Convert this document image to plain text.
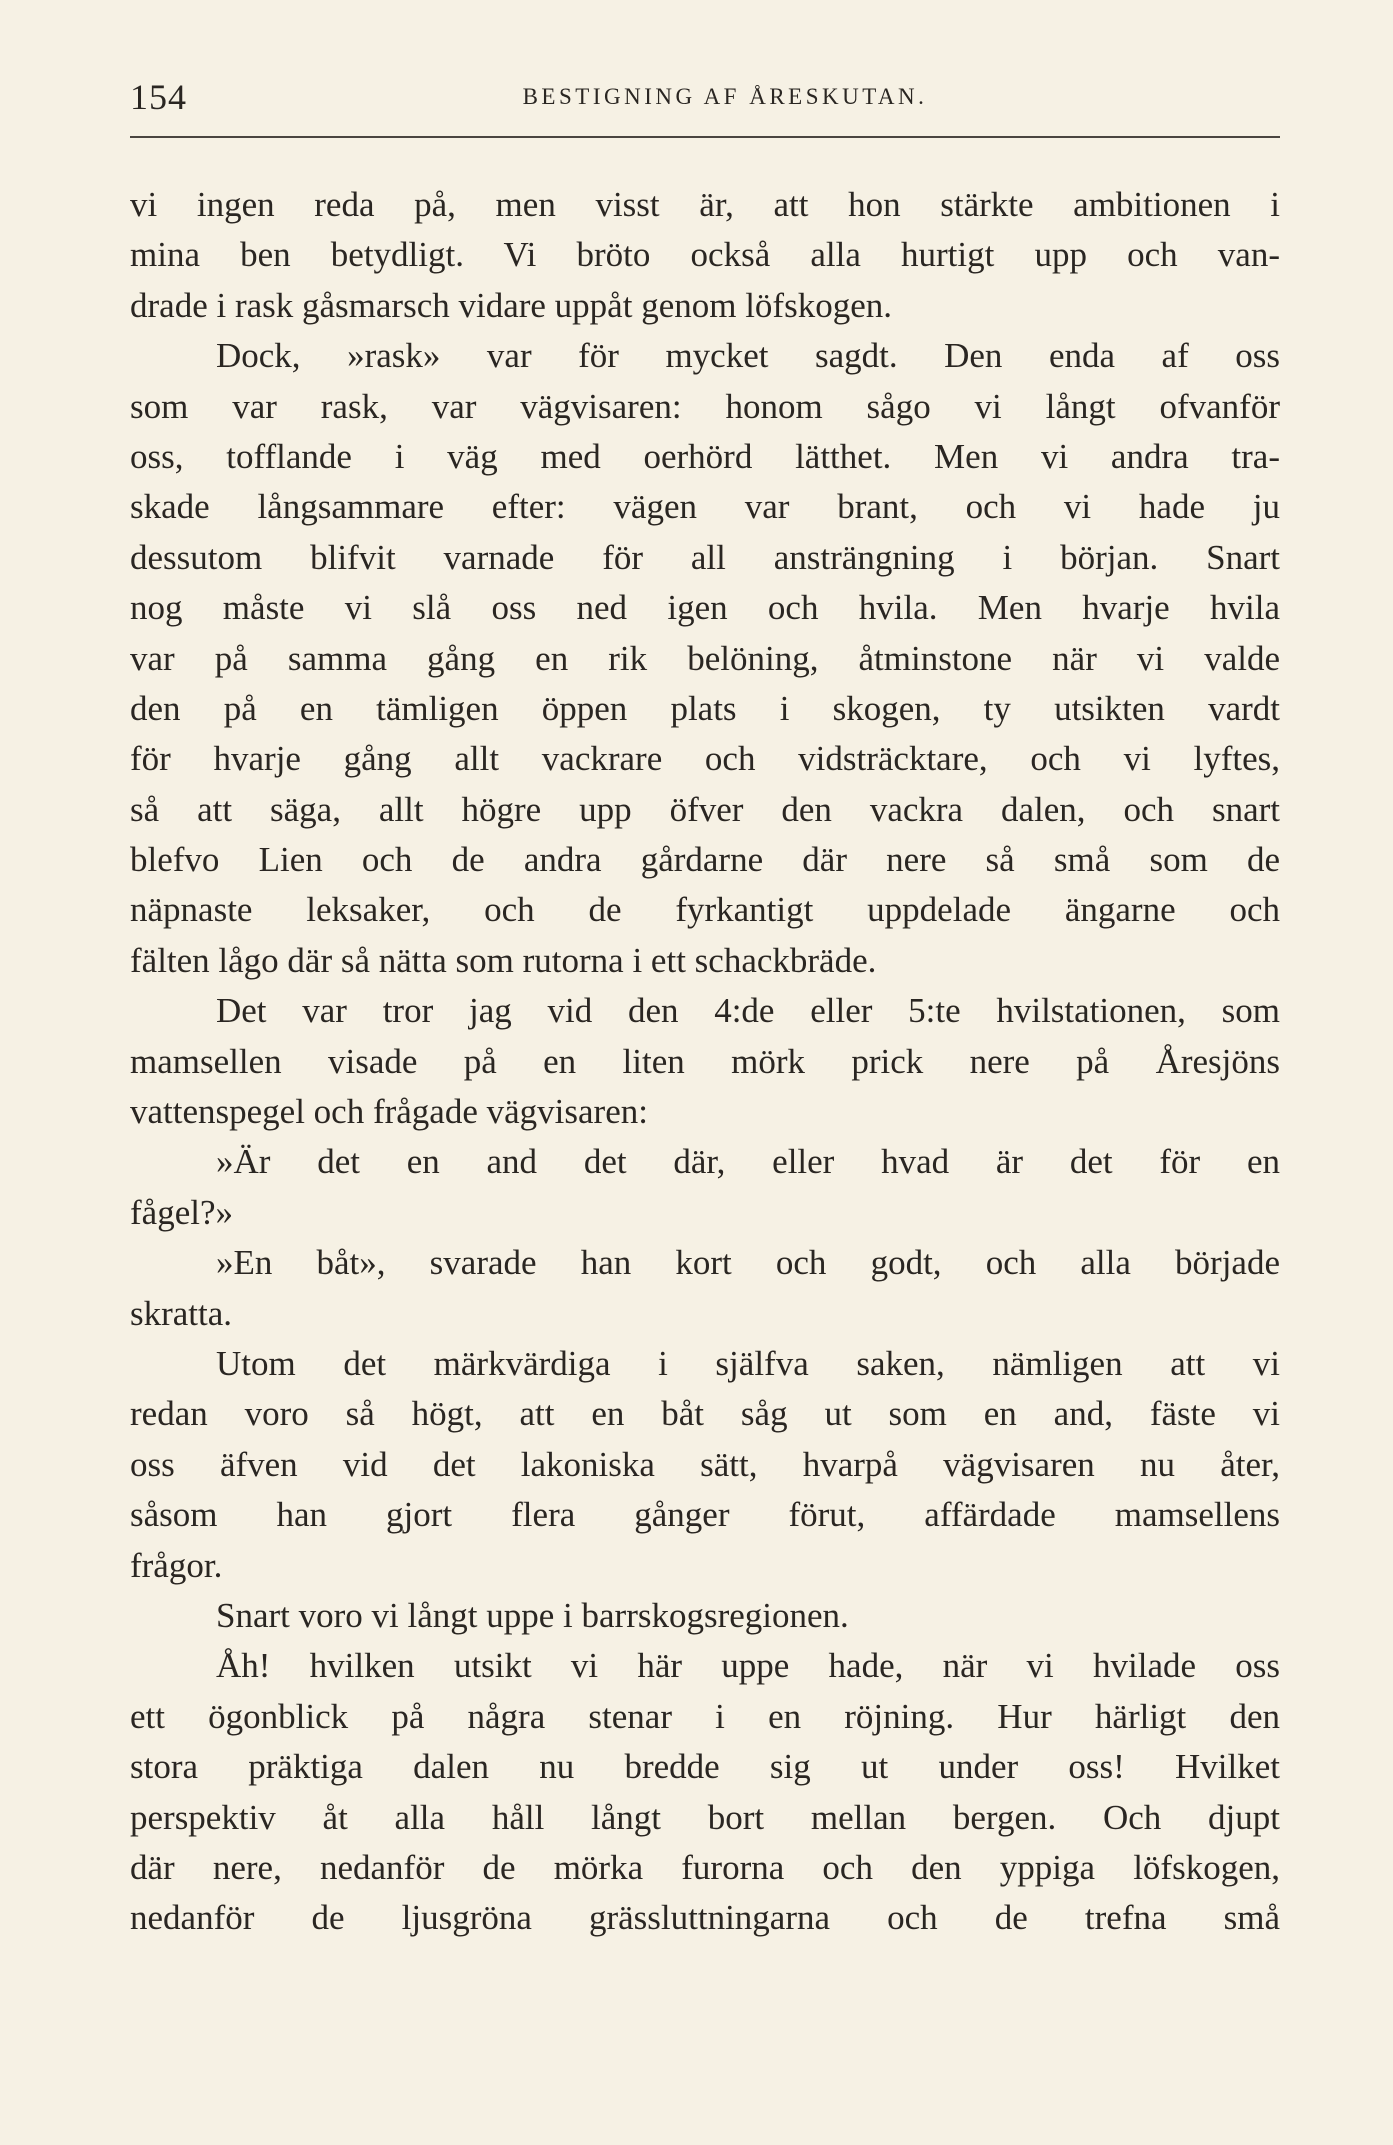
154	BESTIGNING AF ÅRESKUTAN.
vi ingen reda på, men visst är, att hon stärkte ambitionen i
mina ben betydligt. Vi bröto också alla hurtigt upp och van-
drade i rask gåsmarsch vidare uppåt genom löfskogen.
Dock, »rask» var för mycket sagdt. Den enda af oss
som var rask, var vägvisaren: honom sågo vi långt ofvanför
oss, tofflande i väg med oerhörd lätthet. Men vi andra tra-
skade långsammare efter: vägen var brant, och vi hade ju
dessutom blifvit varnade för all ansträngning i början. Snart
nog måste vi slå oss ned igen och hvila. Men hvarje hvila
var på samma gång en rik belöning, åtminstone när vi valde
den på en tämligen öppen plats i skogen, ty utsikten vardt
för hvarje gång allt vackrare och vidsträcktare, och vi lyftes,
så att säga, allt högre upp öfver den vackra dalen, och snart
blefvo Lien och de andra gårdarne där nere så små som de
näpnaste leksaker, och de fyrkantigt uppdelade ängarne och
fälten lågo där så nätta som rutorna i ett schackbräde.
Det var tror jag vid den 4:de eller 5:te hvilstationen, som
mamsellen visade på en liten mörk prick nere på Åresjöns
vattenspegel och frågade vägvisaren:
»Är det en and det där, eller hvad är det för en
fågel?»
»En båt», svarade han kort och godt, och alla började
skratta.
Utom det märkvärdiga i själfva saken, nämligen att vi
redan voro så högt, att en båt såg ut som en and, fäste vi
oss äfven vid det lakoniska sätt, hvarpå vägvisaren nu åter,
såsom han gjort flera gånger förut, affärdade mamsellens
frågor.
Snart voro vi långt uppe i barrskogsregionen.
Åh! hvilken utsikt vi här uppe hade, när vi hvilade oss
ett ögonblick på några stenar i en röjning. Hur härligt den
stora präktiga dalen nu bredde sig ut under oss! Hvilket
perspektiv åt alla håll långt bort mellan bergen. Och djupt
där nere, nedanför de mörka furorna och den yppiga löfskogen,
nedanför de ljusgröna grässluttningarna och de trefna små
